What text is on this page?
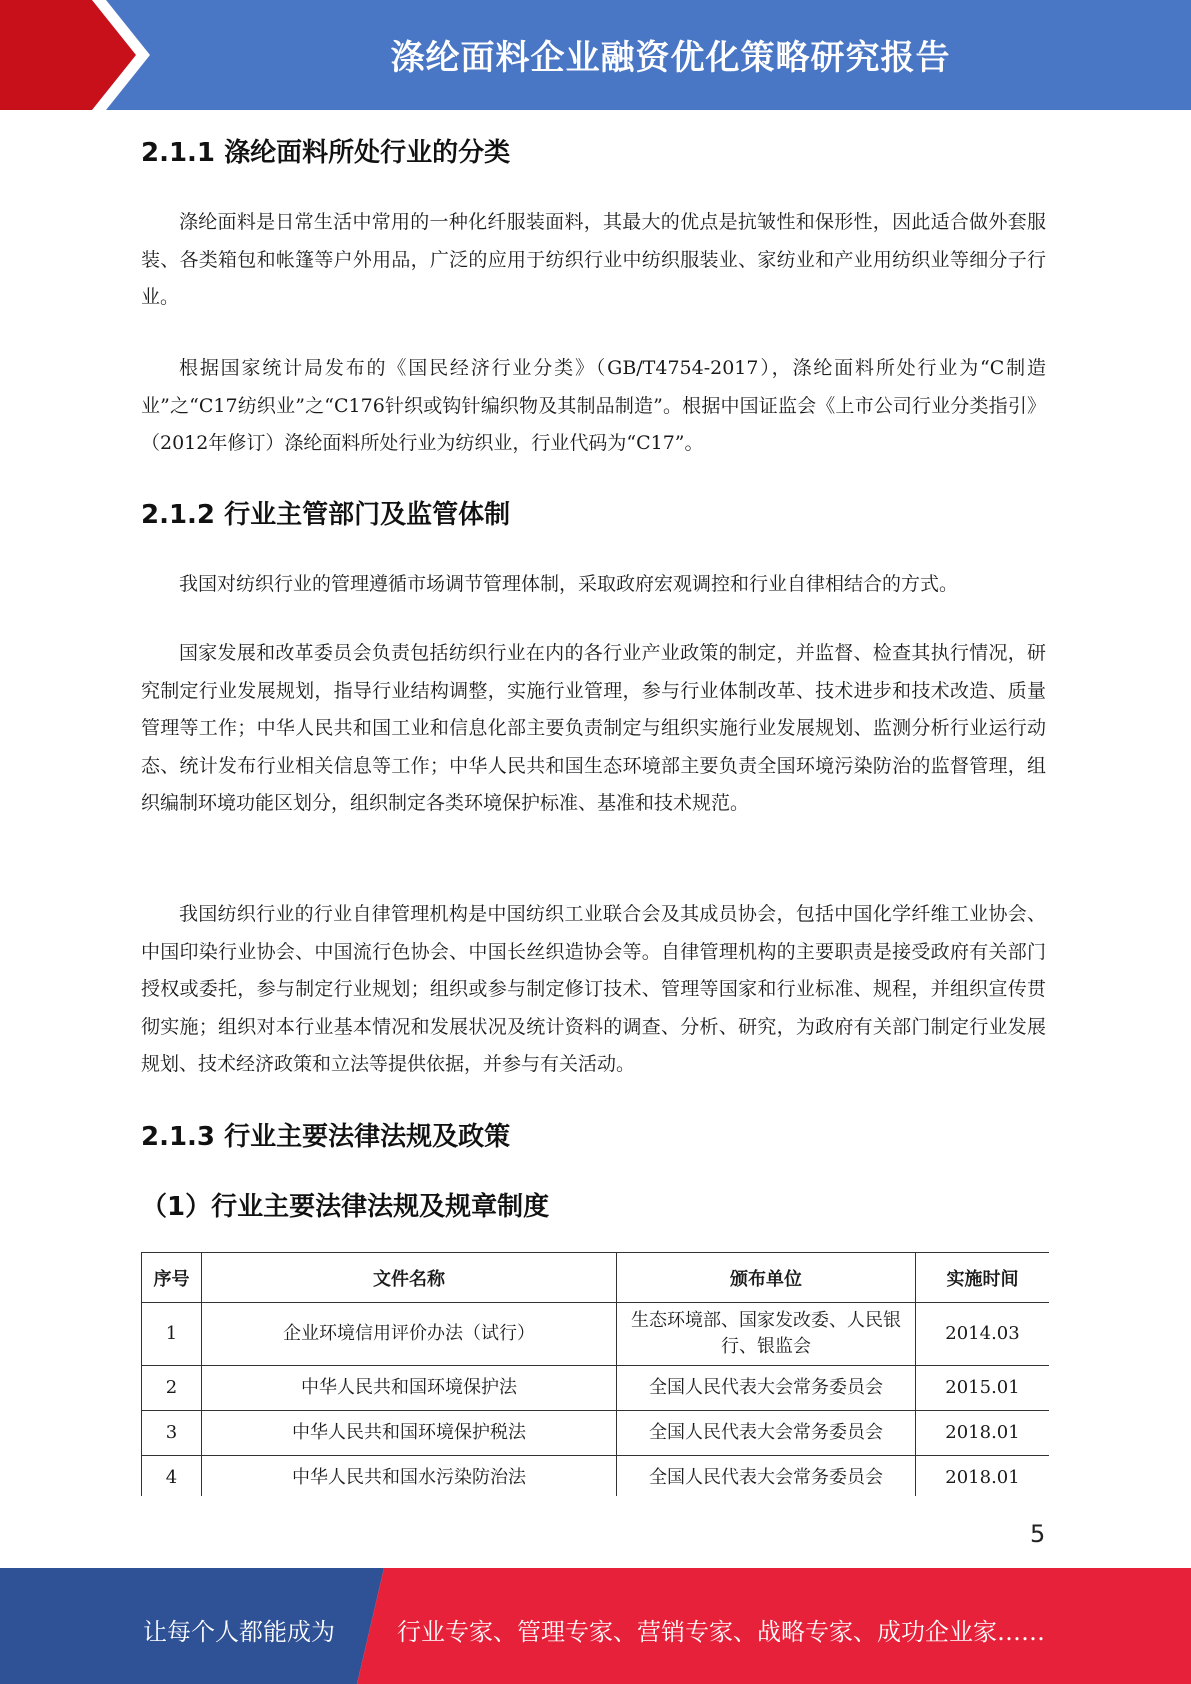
涤纶面料企业融资优化策略研究报告
2.1.1 涤纶面料所处行业的分类

涤纶面料是日常生活中常用的一种化纤服装面料，其最大的优点是抗皱性和保形性，因此适合做外套服装、各类箱包和帐篷等户外用品，广泛的应用于纺织行业中纺织服装业、家纺业和产业用纺织业等细分子行业。

根据国家统计局发布的《国民经济行业分类》（GB/T4754-2017），涤纶面料所处行业为“C制造业”之“C17纺织业”之“C176针织或钩针编织物及其制品制造”。根据中国证监会《上市公司行业分类指引》（2012年修订）涤纶面料所处行业为纺织业，行业代码为“C17”。

2.1.2 行业主管部门及监管体制

我国对纺织行业的管理遵循市场调节管理体制，采取政府宏观调控和行业自律相结合的方式。

国家发展和改革委员会负责包括纺织行业在内的各行业产业政策的制定，并监督、检查其执行情况，研究制定行业发展规划，指导行业结构调整，实施行业管理，参与行业体制改革、技术进步和技术改造、质量管理等工作；中华人民共和国工业和信息化部主要负责制定与组织实施行业发展规划、监测分析行业运行动态、统计发布行业相关信息等工作；中华人民共和国生态环境部主要负责全国环境污染防治的监督管理，组织编制环境功能区划分，组织制定各类环境保护标准、基准和技术规范。

我国纺织行业的行业自律管理机构是中国纺织工业联合会及其成员协会，包括中国化学纤维工业协会、中国印染行业协会、中国流行色协会、中国长丝织造协会等。自律管理机构的主要职责是接受政府有关部门授权或委托，参与制定行业规划；组织或参与制定修订技术、管理等国家和行业标准、规程，并组织宣传贯彻实施；组织对本行业基本情况和发展状况及统计资料的调查、分析、研究，为政府有关部门制定行业发展规划、技术经济政策和立法等提供依据，并参与有关活动。

2.1.3 行业主要法律法规及政策
（1）行业主要法律法规及规章制度
序号	文件名称	颁布单位	实施时间
1	企业环境信用评价办法（试行）	生态环境部、国家发改委、人民银行、银监会	2014.03
2	中华人民共和国环境保护法	全国人民代表大会常务委员会	2015.01
3	中华人民共和国环境保护税法	全国人民代表大会常务委员会	2018.01
4	中华人民共和国水污染防治法	全国人民代表大会常务委员会	2018.01
5
让每个人都能成为	行业专家、管理专家、营销专家、战略专家、成功企业家……
